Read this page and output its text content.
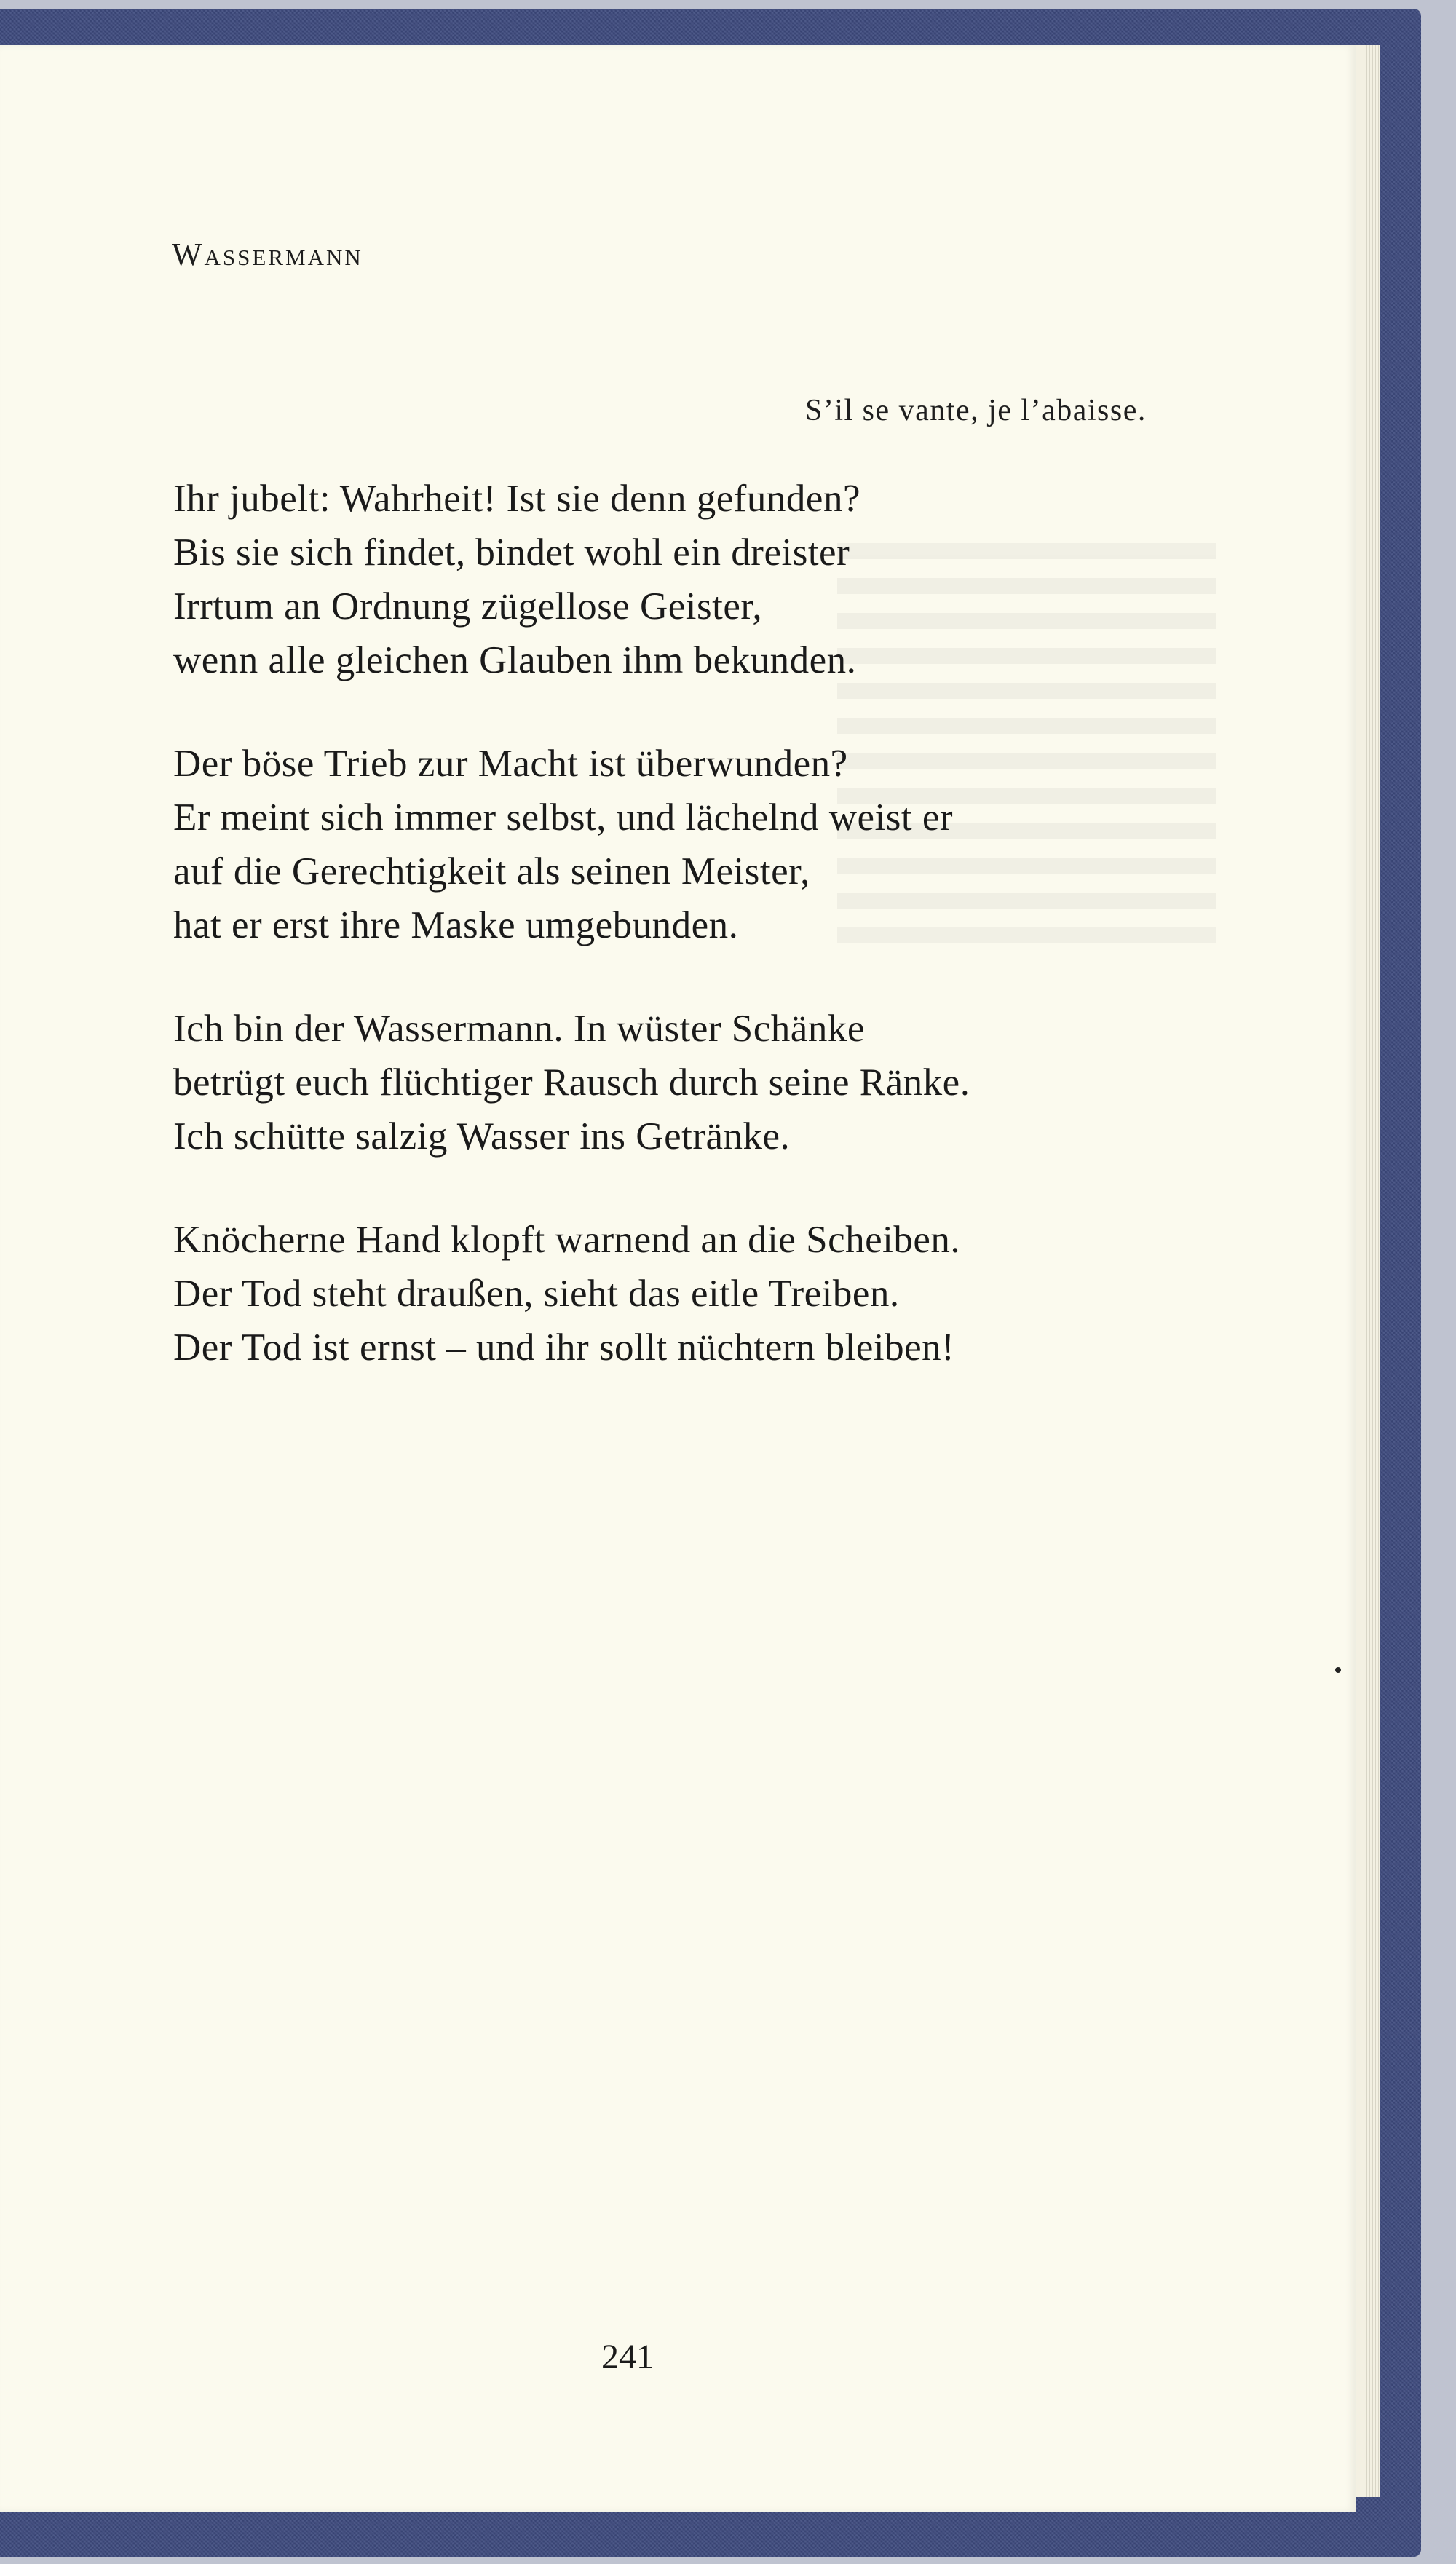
Wassermann
S’il se vante, je l’abaisse.

Ihr jubelt: Wahrheit! Ist sie denn gefunden?
Bis sie sich findet, bindet wohl ein dreister
Irrtum an Ordnung zügellose Geister,
wenn alle gleichen Glauben ihm bekunden.

Der böse Trieb zur Macht ist überwunden?
Er meint sich immer selbst, und lächelnd weist er
auf die Gerechtigkeit als seinen Meister,
hat er erst ihre Maske umgebunden.

Ich bin der Wassermann. In wüster Schänke
betrügt euch flüchtiger Rausch durch seine Ränke.
Ich schütte salzig Wasser ins Getränke.

Knöcherne Hand klopft warnend an die Scheiben.
Der Tod steht draußen, sieht das eitle Treiben.
Der Tod ist ernst – und ihr sollt nüchtern bleiben!

241
